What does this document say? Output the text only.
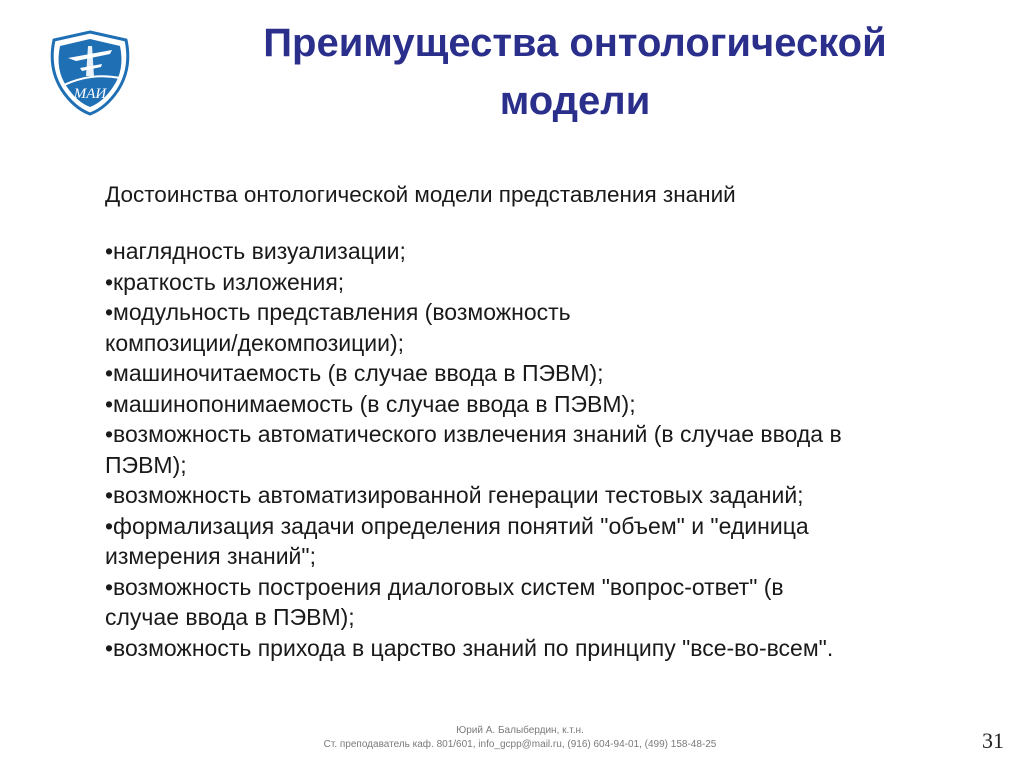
МАИ
Преимущества онтологической
модели

Достоинства онтологической модели представления знаний

•наглядность визуализации;
•краткость изложения;
•модульность представления (возможность
композиции/декомпозиции);
•машиночитаемость (в случае ввода в ПЭВМ);
•машинопонимаемость (в случае ввода в ПЭВМ);
•возможность автоматического извлечения знаний (в случае ввода в
ПЭВМ);
•возможность автоматизированной генерации тестовых заданий;
•формализация задачи определения понятий "объем" и "единица
измерения знаний";
•возможность построения диалоговых систем "вопрос-ответ" (в
случае ввода в ПЭВМ);
•возможность прихода в царство знаний по принципу "все-во-всем".
Юрий А. Балыбердин, к.т.н.
Ст. преподаватель каф. 801/601, info_gcpp@mail.ru, (916) 604-94-01, (499) 158-48-25	31
